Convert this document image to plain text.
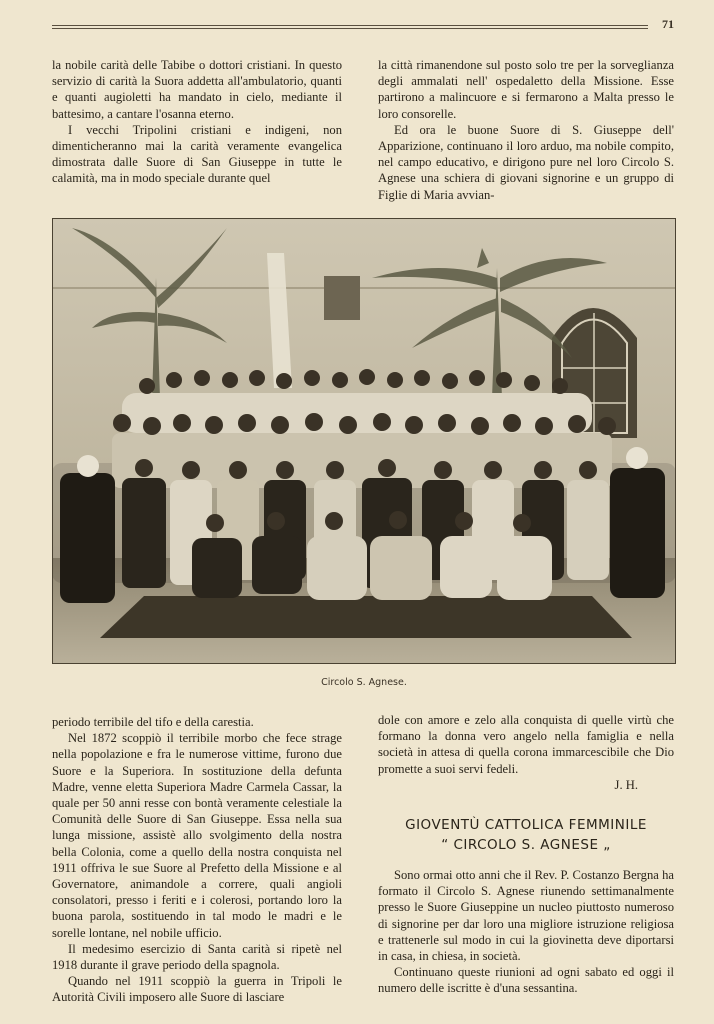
71

la nobile carità delle Tabibe o dottori cristiani. In questo servizio di carità la Suora addetta all'ambulatorio, quanti e quanti augioletti ha mandato in cielo, mediante il battesimo, a cantare l'osanna eterno.

I vecchi Tripolini cristiani e indigeni, non dimenticheranno mai la carità veramente evangelica dimostrata dalle Suore di San Giuseppe in tutte le calamità, ma in modo speciale durante quel

la città rimanendone sul posto solo tre per la sorveglianza degli ammalati nell' ospedaletto della Missione. Esse partirono a malincuore e si fermarono a Malta presso le loro consorelle.

Ed ora le buone Suore di S. Giuseppe dell' Apparizione, continuano il loro arduo, ma nobile compito, nel campo educativo, e dirigono pure nel loro Circolo S. Agnese una schiera di giovani signorine e un gruppo di Figlie di Maria avvian-

Circolo S. Agnese.

periodo terribile del tifo e della carestia.

Nel 1872 scoppiò il terribile morbo che fece strage nella popolazione e fra le numerose vittime, furono due Suore e la Superiora. In sostituzione della defunta Madre, venne eletta Superiora Madre Carmela Cassar, la quale per 50 anni resse con bontà veramente celestiale la Comunità delle Suore di San Giuseppe. Essa nella sua lunga missione, assistè allo svolgimento della nostra bella Colonia, come a quello della nostra conquista nel 1911 offriva le sue Suore al Prefetto della Missione e al Governatore, animandole a correre, quali angioli consolatori, presso i feriti e i colerosi, portando loro la buona parola, sostituendo in tal modo le madri e le sorelle lontane, nel nobile ufficio.

Il medesimo esercizio di Santa carità si ripetè nel 1918 durante il grave periodo della spagnola.

Quando nel 1911 scoppiò la guerra in Tripoli le Autorità Civili imposero alle Suore di lasciare

dole con amore e zelo alla conquista di quelle virtù che formano la donna vero angelo nella famiglia e nella società in attesa di quella corona immarcescibile che Dio promette a suoi servi fedeli.

J. H.

GIOVENTÙ CATTOLICA FEMMINILE
“ CIRCOLO S. AGNESE „

Sono ormai otto anni che il Rev. P. Costanzo Bergna ha formato il Circolo S. Agnese riunendo settimanalmente presso le Suore Giuseppine un nucleo piuttosto numeroso di signorine per dar loro una migliore istruzione religiosa e trattenerle sul modo in cui la giovinetta deve diportarsi in casa, in chiesa, in società.

Continuano queste riunioni ad ogni sabato ed oggi il numero delle iscritte è d'una sessantina.
